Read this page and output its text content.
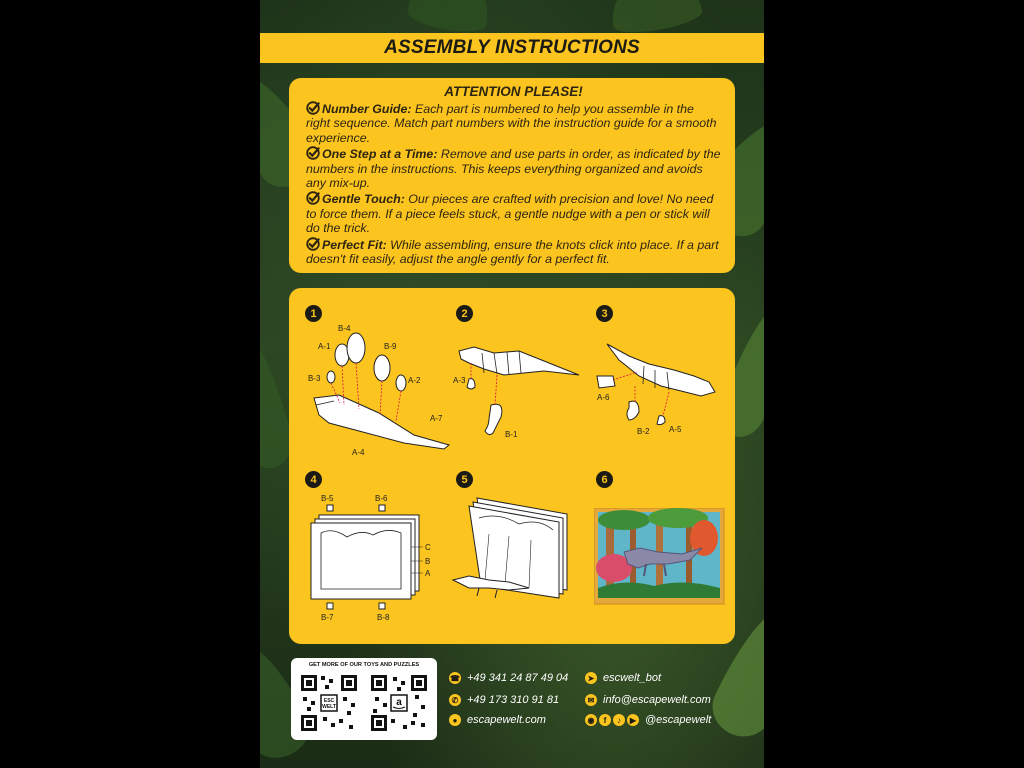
ASSEMBLY INSTRUCTIONS
ATTENTION PLEASE!
Number Guide: Each part is numbered to help you assemble in the right sequence. Match part numbers with the instruction guide for a smooth experience.
One Step at a Time: Remove and use parts in order, as indicated by the numbers in the instructions. This keeps everything organized and avoids any mix-up.
Gentle Touch: Our pieces are crafted with precision and love! No need to force them. If a piece feels stuck, a gentle nudge with a pen or stick will do the trick.
Perfect Fit: While assembling, ensure the knots click into place. If a part doesn't fit easily, adjust the angle gently for a perfect fit.
1
A-1
B-4
B-9
B-3	A-2
A-7
A-4
2
A-3
B-1
3
A-6
B-2 A-5
4
B-5	B-6
C
B
A
B-7	B-8
5	6
GET MORE OF OUR TOYS AND PUZZLES
ESC
WELT	a
☎ +49 341 24 87 49 04
✆ +49 173 310 91 81
● escapewelt.com
➤ escwelt_bot
✉ info@escapewelt.com
◉	f	♪	▶ @escapewelt
